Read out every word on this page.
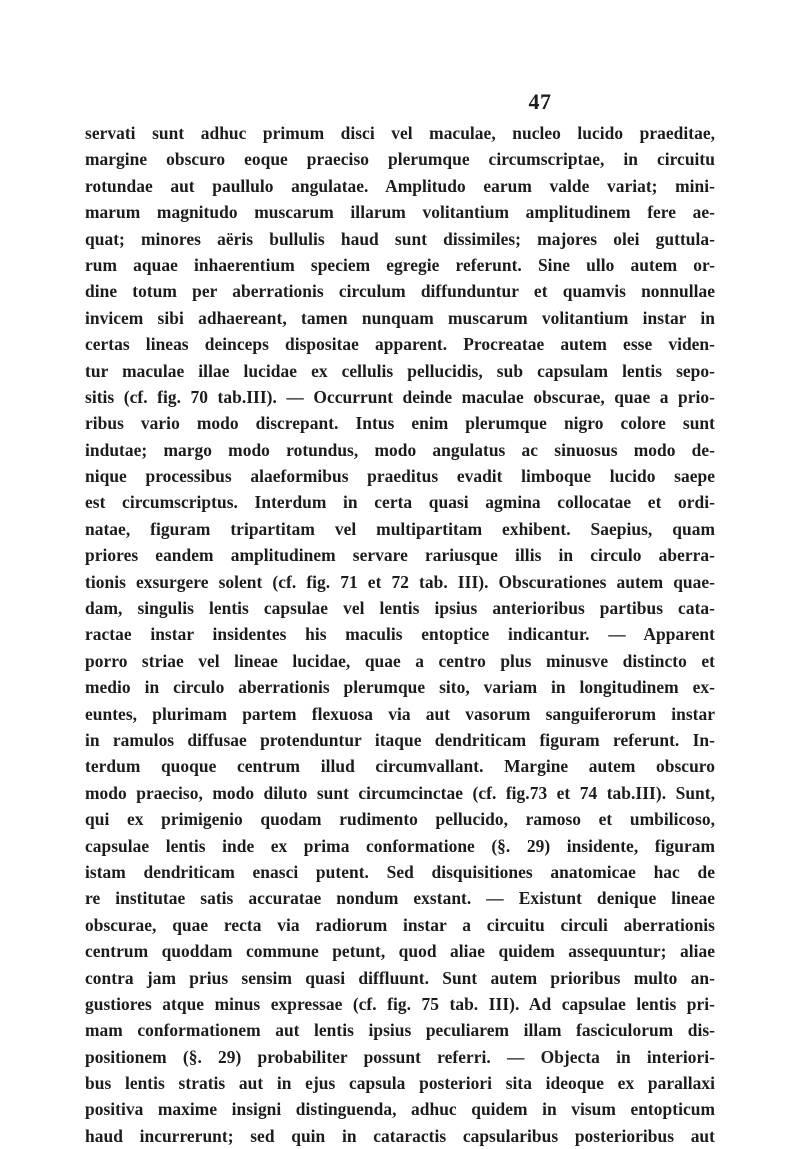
47
servati sunt adhuc primum disci vel maculae, nucleo lucido praeditae,
margine obscuro eoque praeciso plerumque circumscriptae, in circuitu
rotundae aut paullulo angulatae. Amplitudo earum valde variat; mini-
marum magnitudo muscarum illarum volitantium amplitudinem fere ae-
quat; minores aëris bullulis haud sunt dissimiles; majores olei guttula-
rum aquae inhaerentium speciem egregie referunt. Sine ullo autem or-
dine totum per aberrationis circulum diffunduntur et quamvis nonnullae
invicem sibi adhaereant, tamen nunquam muscarum volitantium instar in
certas lineas deinceps dispositae apparent. Procreatae autem esse viden-
tur maculae illae lucidae ex cellulis pellucidis, sub capsulam lentis sepo-
sitis (cf. fig. 70 tab.III). — Occurrunt deinde maculae obscurae, quae a prio-
ribus vario modo discrepant. Intus enim plerumque nigro colore sunt
indutae; margo modo rotundus, modo angulatus ac sinuosus modo de-
nique processibus alaeformibus praeditus evadit limboque lucido saepe
est circumscriptus. Interdum in certa quasi agmina collocatae et ordi-
natae, figuram tripartitam vel multipartitam exhibent. Saepius, quam
priores eandem amplitudinem servare rariusque illis in circulo aberra-
tionis exsurgere solent (cf. fig. 71 et 72 tab. III). Obscurationes autem quae-
dam, singulis lentis capsulae vel lentis ipsius anterioribus partibus cata-
ractae instar insidentes his maculis entoptice indicantur. — Apparent
porro striae vel lineae lucidae, quae a centro plus minusve distincto et
medio in circulo aberrationis plerumque sito, variam in longitudinem ex-
euntes, plurimam partem flexuosa via aut vasorum sanguiferorum instar
in ramulos diffusae protenduntur itaque dendriticam figuram referunt. In-
terdum quoque centrum illud circumvallant. Margine autem obscuro
modo praeciso, modo diluto sunt circumcinctae (cf. fig.73 et 74 tab.III). Sunt,
qui ex primigenio quodam rudimento pellucido, ramoso et umbilicoso,
capsulae lentis inde ex prima conformatione (§. 29) insidente, figuram
istam dendriticam enasci putent. Sed disquisitiones anatomicae hac de
re institutae satis accuratae nondum exstant. — Existunt denique lineae
obscurae, quae recta via radiorum instar a circuitu circuli aberrationis
centrum quoddam commune petunt, quod aliae quidem assequuntur; aliae
contra jam prius sensim quasi diffluunt. Sunt autem prioribus multo an-
gustiores atque minus expressae (cf. fig. 75 tab. III). Ad capsulae lentis pri-
mam conformationem aut lentis ipsius peculiarem illam fasciculorum dis-
positionem (§. 29) probabiliter possunt referri. — Objecta in interiori-
bus lentis stratis aut in ejus capsula posteriori sita ideoque ex parallaxi
positiva maxime insigni distinguenda, adhuc quidem in visum entopticum
haud incurrerunt; sed quin in cataractis capsularibus posterioribus aut
